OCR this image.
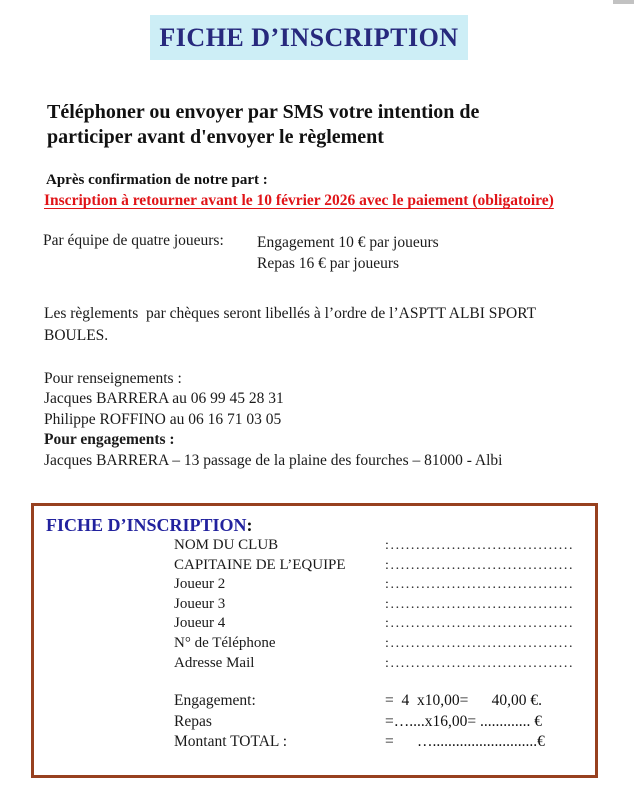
FICHE D’INSCRIPTION
Téléphoner ou envoyer par SMS votre intention de participer avant d'envoyer le règlement
Après confirmation de notre part :
Inscription à retourner avant le 10 février 2026 avec le paiement (obligatoire)
Par équipe de quatre joueurs: Engagement 10 € par joueurs
Repas 16 € par joueurs
Les règlements  par chèques seront libellés à l’ordre de l’ASPTT ALBI SPORT BOULES.
Pour renseignements :
Jacques BARRERA au 06 99 45 28 31
Philippe ROFFINO au 06 16 71 03 05
Pour engagements :
Jacques BARRERA – 13 passage de la plaine des fourches – 81000 - Albi
FICHE D’INSCRIPTION:
NOM DU CLUB	:....................................
CAPITAINE DE L’EQUIPE	:....................................
Joueur 2	:....................................
Joueur 3	:....................................
Joueur 4	:....................................
N° de Téléphone	:....................................
Adresse Mail	:....................................
Engagement:	=  4  x10,00=      40,00 €.
Repas	=…....x16,00= ............. €
Montant TOTAL :	=      …...........................€
